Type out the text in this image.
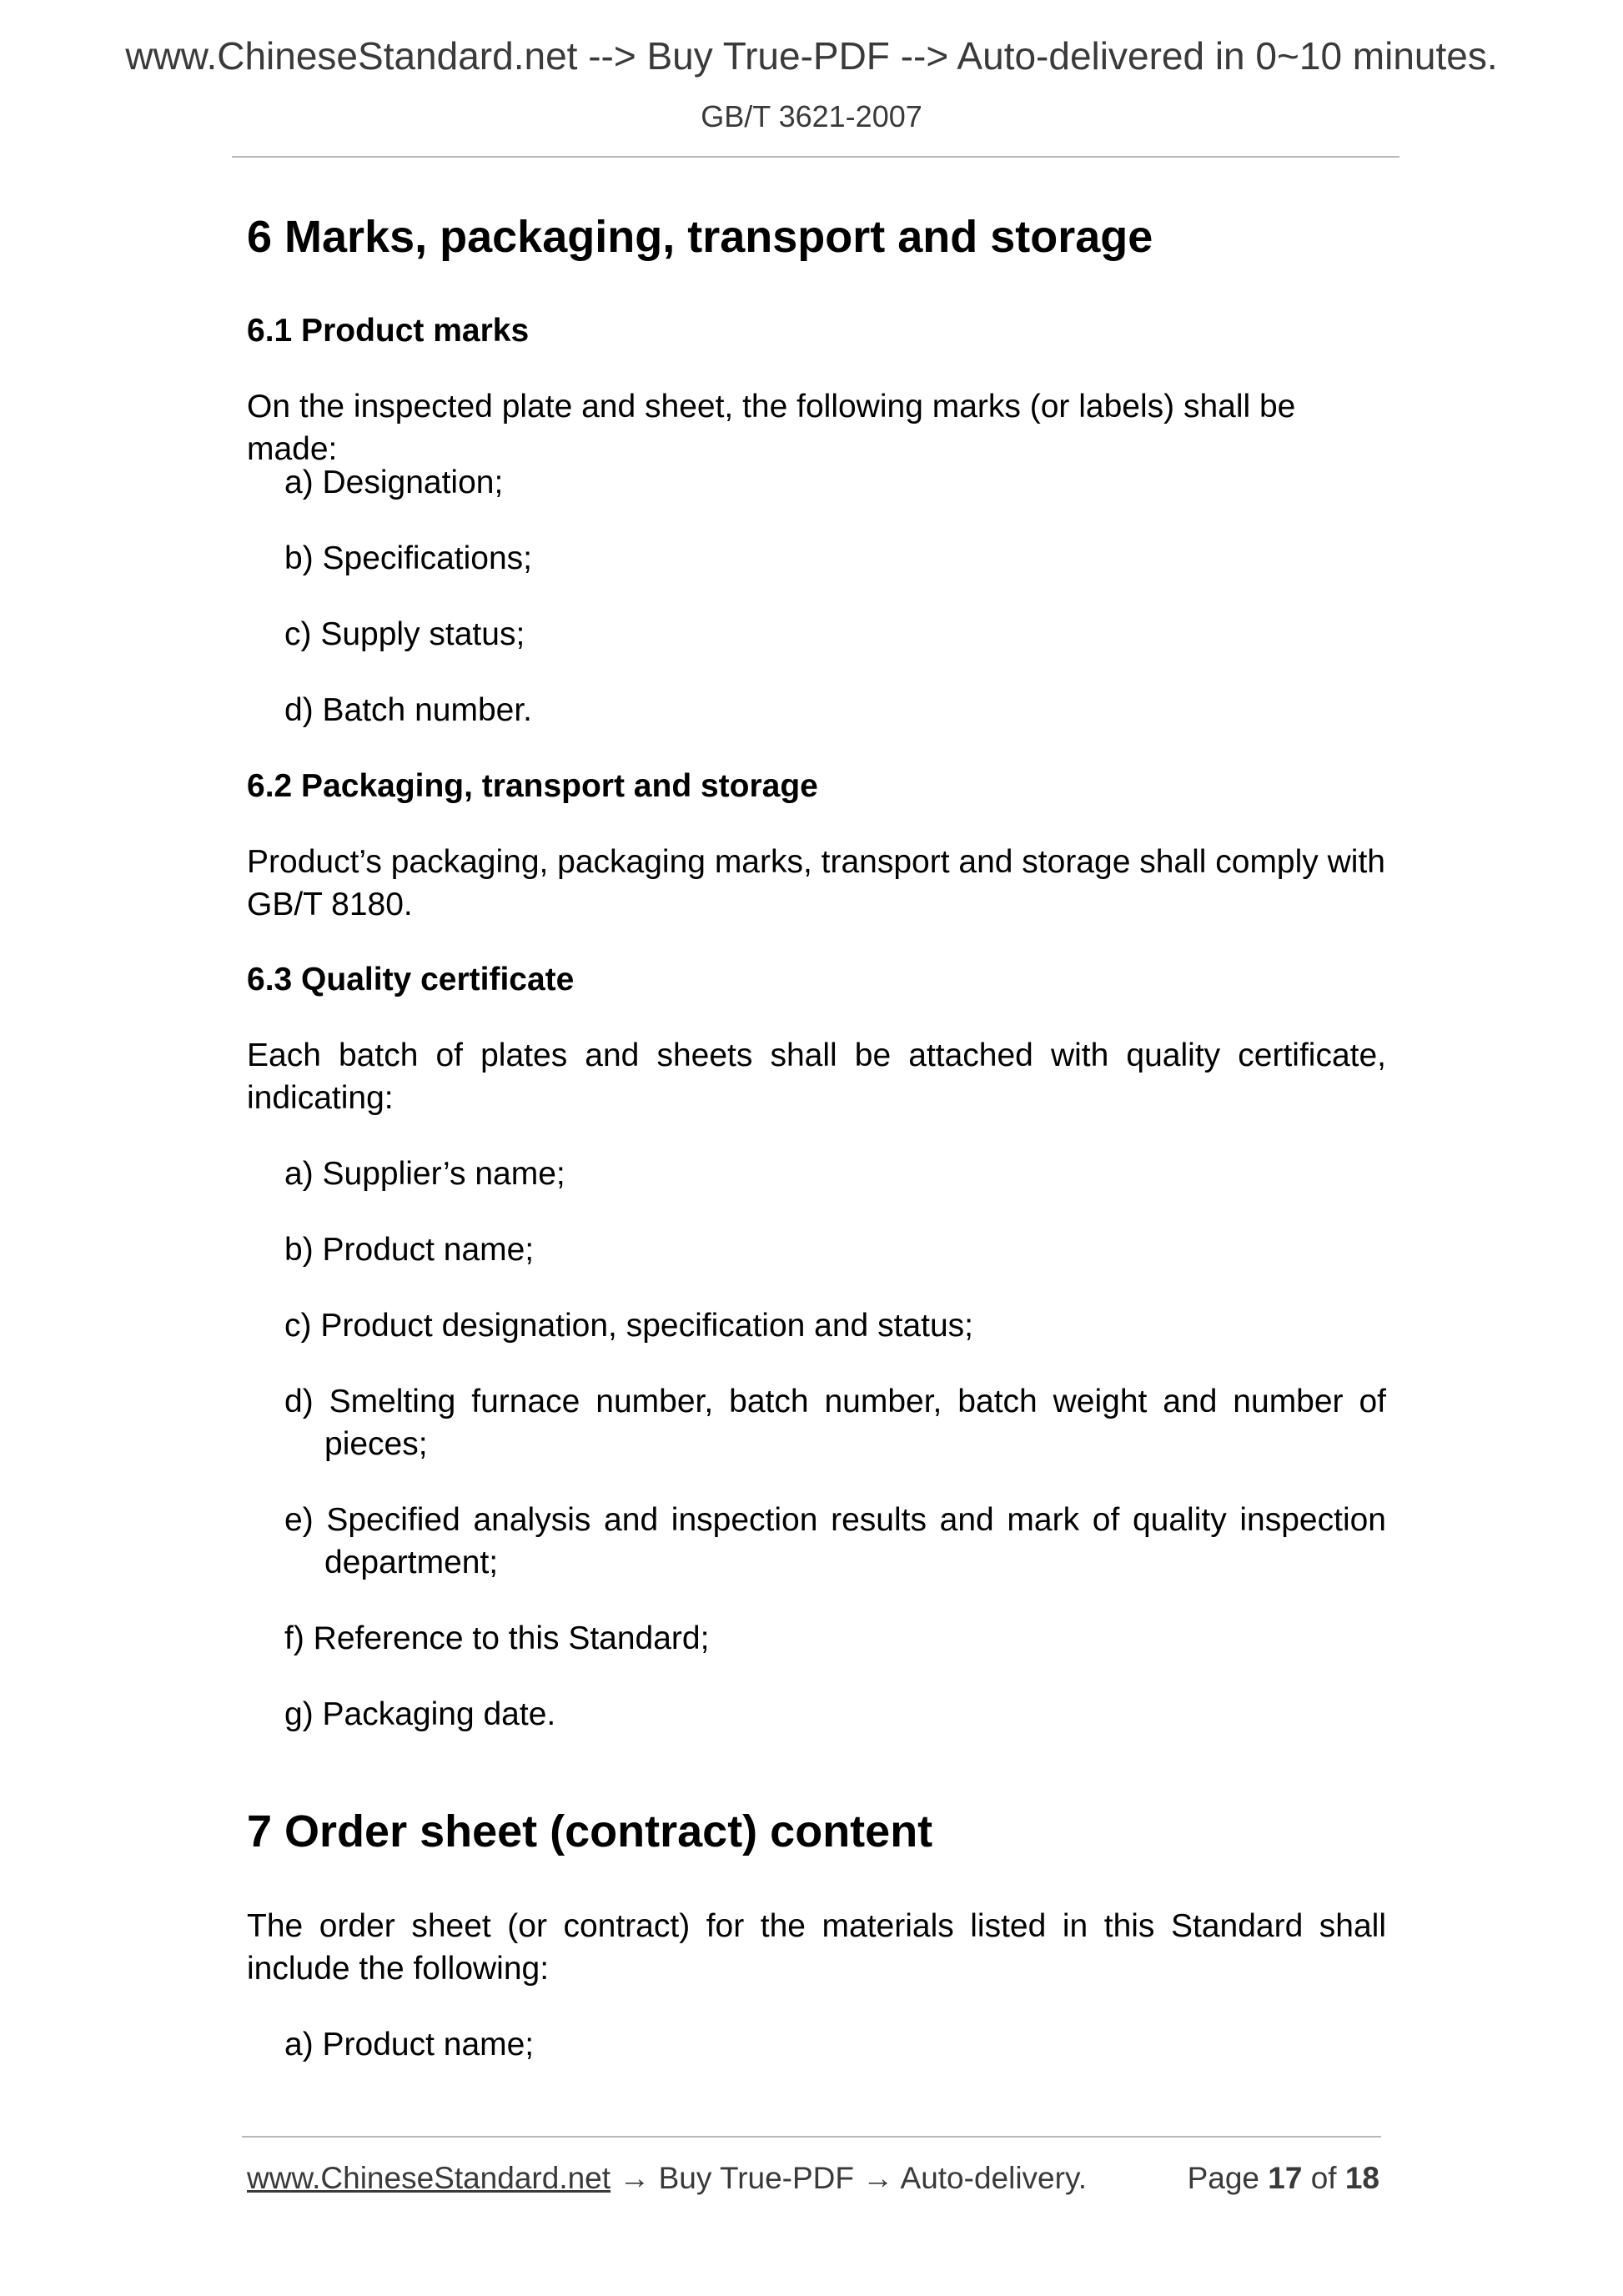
www.ChineseStandard.net --> Buy True-PDF --> Auto-delivered in 0~10 minutes.
GB/T 3621-2007
6 Marks, packaging, transport and storage
6.1 Product marks

On the inspected plate and sheet, the following marks (or labels) shall be made:

a) Designation;

b) Specifications;

c) Supply status;

d) Batch number.

6.2 Packaging, transport and storage

Product’s packaging, packaging marks, transport and storage shall comply with GB/T 8180.

6.3 Quality certificate

Each batch of plates and sheets shall be attached with quality certificate, indicating:

a) Supplier’s name;

b) Product name;

c) Product designation, specification and status;

d) Smelting furnace number, batch number, batch weight and number of pieces;

e) Specified analysis and inspection results and mark of quality inspection department;

f) Reference to this Standard;

g) Packaging date.

7 Order sheet (contract) content

The order sheet (or contract) for the materials listed in this Standard shall include the following:

a) Product name;

www.ChineseStandard.net → Buy True-PDF → Auto-delivery.	Page 17 of 18
